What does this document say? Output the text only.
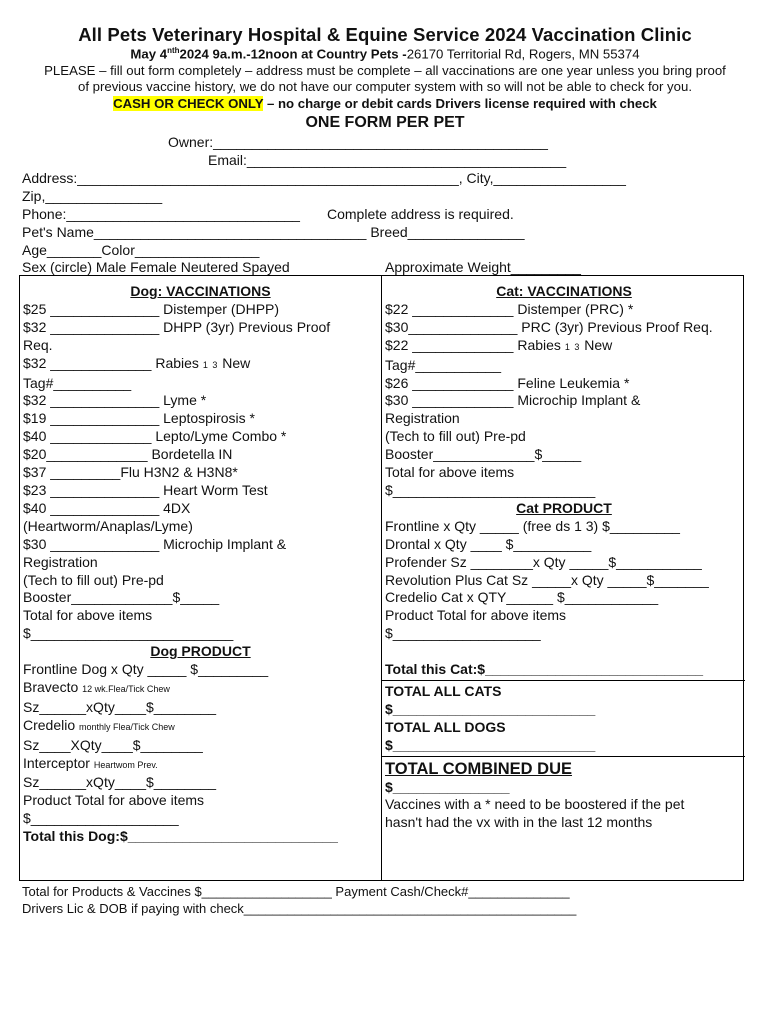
All Pets Veterinary Hospital & Equine Service 2024 Vaccination Clinic
May $4^{nth}2024$ 9a.m.-12noon at Country Pets -26170 Territorial Rd, Rogers, MN 55374
PLEASE – fill out form completely – address must be complete – all vaccinations are one year unless you bring proof
of previous vaccine history, we do not have our computer system with so will not be able to check for you.
CASH OR CHECK ONLY – no charge or debit cards Drivers license required with check
ONE FORM PER PET
Owner:___________________________________________
Email:_________________________________________
Address:_________________________________________________, City,_________________
Zip,_______________
Phone:______________________________ Complete address is required.
Pet's Name___________________________________ Breed_______________
Age_______Color________________
Sex (circle) Male Female Neutered Spayed	Approximate Weight_________
Dog: VACCINATIONS
$25 ______________ Distemper (DHPP)
$32 ______________ DHPP (3yr) Previous Proof
Req.
$32 _____________ Rabies 1 3 New
Tag#__________
$32 ______________ Lyme *
$19 ______________ Leptospirosis *
$40 _____________ Lepto/Lyme Combo *
$20_____________ Bordetella IN
$37 _________Flu H3N2 & H3N8*
$23 ______________ Heart Worm Test
$40 ______________ 4DX
(Heartworm/Anaplas/Lyme)
$30 ______________ Microchip Implant &
Registration
(Tech to fill out) Pre-pd
Booster_____________$_____
Total for above items
$__________________________
Dog PRODUCT
Frontline Dog x Qty _____ $_________
Bravecto 12 wk.Flea/Tick Chew
Sz______xQty____$________
Credelio monthly Flea/Tick Chew
Sz____XQty____$________
Interceptor Heartwom Prev.
Sz______xQty____$________
Product Total for above items
$___________________
Total this Dog:$___________________________
Cat: VACCINATIONS
$22 _____________ Distemper (PRC) *
$30______________ PRC (3yr) Previous Proof Req.
$22 _____________ Rabies 1 3 New
Tag#___________
$26 _____________ Feline Leukemia *
$30 _____________ Microchip Implant &
Registration
(Tech to fill out) Pre-pd
Booster_____________$_____
Total for above items
$__________________________
Cat PRODUCT
Frontline x Qty _____ (free ds 1 3) $_________
Drontal x Qty ____ $__________
Profender Sz ________x Qty _____$___________
Revolution Plus Cat Sz _____x Qty _____$_______
Credelio Cat x QTY______ $____________
Product Total for above items
$___________________
Total this Cat:$____________________________
TOTAL ALL CATS
$__________________________
TOTAL ALL DOGS
$__________________________
TOTAL COMBINED DUE
$_______________
Vaccines with a * need to be boostered if the pet
hasn't had the vx with in the last 12 months
Total for Products & Vaccines $__________________ Payment Cash/Check#______________
Drivers Lic & DOB if paying with check______________________________________________
